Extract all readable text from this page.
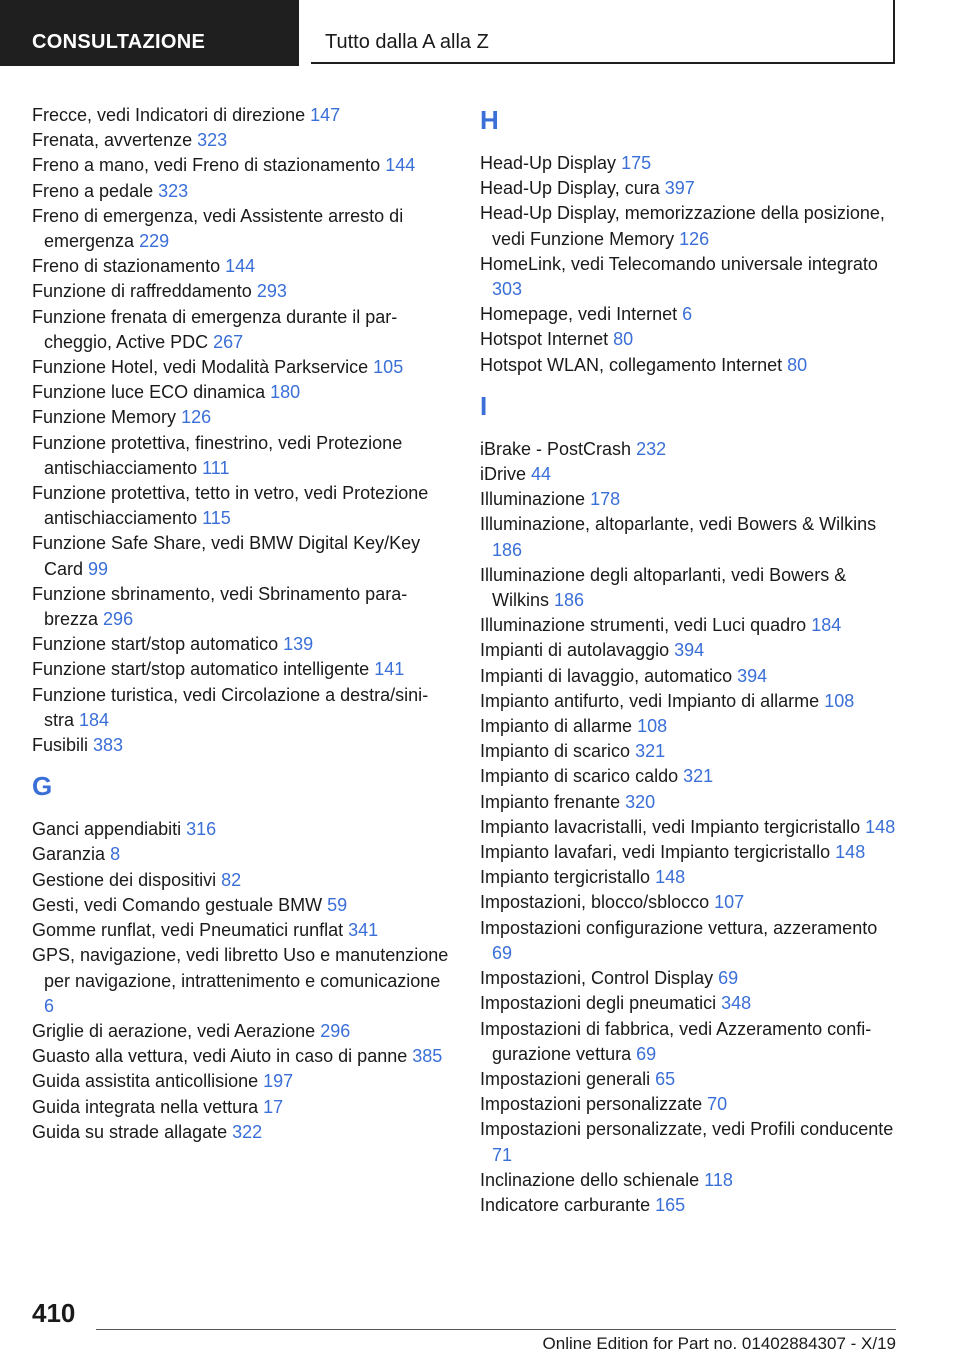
CONSULTAZIONE	Tutto dalla A alla Z
Frecce, vedi Indicatori di direzione 147
Frenata, avvertenze 323
Freno a mano, vedi Freno di stazionamento 144
Freno a pedale 323
Freno di emergenza, vedi Assistente arresto di emergenza 229
Freno di stazionamento 144
Funzione di raffreddamento 293
Funzione frenata di emergenza durante il parcheggio, Active PDC 267
Funzione Hotel, vedi Modalità Parkservice 105
Funzione luce ECO dinamica 180
Funzione Memory 126
Funzione protettiva, finestrino, vedi Protezione antischiacciamento 111
Funzione protettiva, tetto in vetro, vedi Protezione antischiacciamento 115
Funzione Safe Share, vedi BMW Digital Key/Key Card 99
Funzione sbrinamento, vedi Sbrinamento parabrezza 296
Funzione start/stop automatico 139
Funzione start/stop automatico intelligente 141
Funzione turistica, vedi Circolazione a destra/sinistra 184
Fusibili 383
G
Ganci appendiabiti 316
Garanzia 8
Gestione dei dispositivi 82
Gesti, vedi Comando gestuale BMW 59
Gomme runflat, vedi Pneumatici runflat 341
GPS, navigazione, vedi libretto Uso e manutenzione per navigazione, intrattenimento e comunicazione 6
Griglie di aerazione, vedi Aerazione 296
Guasto alla vettura, vedi Aiuto in caso di panne 385
Guida assistita anticollisione 197
Guida integrata nella vettura 17
Guida su strade allagate 322
H
Head-Up Display 175
Head-Up Display, cura 397
Head-Up Display, memorizzazione della posizione, vedi Funzione Memory 126
HomeLink, vedi Telecomando universale integrato 303
Homepage, vedi Internet 6
Hotspot Internet 80
Hotspot WLAN, collegamento Internet 80
I
iBrake - PostCrash 232
iDrive 44
Illuminazione 178
Illuminazione, altoparlante, vedi Bowers & Wilkins 186
Illuminazione degli altoparlanti, vedi Bowers & Wilkins 186
Illuminazione strumenti, vedi Luci quadro 184
Impianti di autolavaggio 394
Impianti di lavaggio, automatico 394
Impianto antifurto, vedi Impianto di allarme 108
Impianto di allarme 108
Impianto di scarico 321
Impianto di scarico caldo 321
Impianto frenante 320
Impianto lavacristalli, vedi Impianto tergicristallo 148
Impianto lavafari, vedi Impianto tergicristallo 148
Impianto tergicristallo 148
Impostazioni, blocco/sblocco 107
Impostazioni configurazione vettura, azzeramento 69
Impostazioni, Control Display 69
Impostazioni degli pneumatici 348
Impostazioni di fabbrica, vedi Azzeramento configurazione vettura 69
Impostazioni generali 65
Impostazioni personalizzate 70
Impostazioni personalizzate, vedi Profili conducente 71
Inclinazione dello schienale 118
Indicatore carburante 165
410
Online Edition for Part no. 01402884307 - X/19
